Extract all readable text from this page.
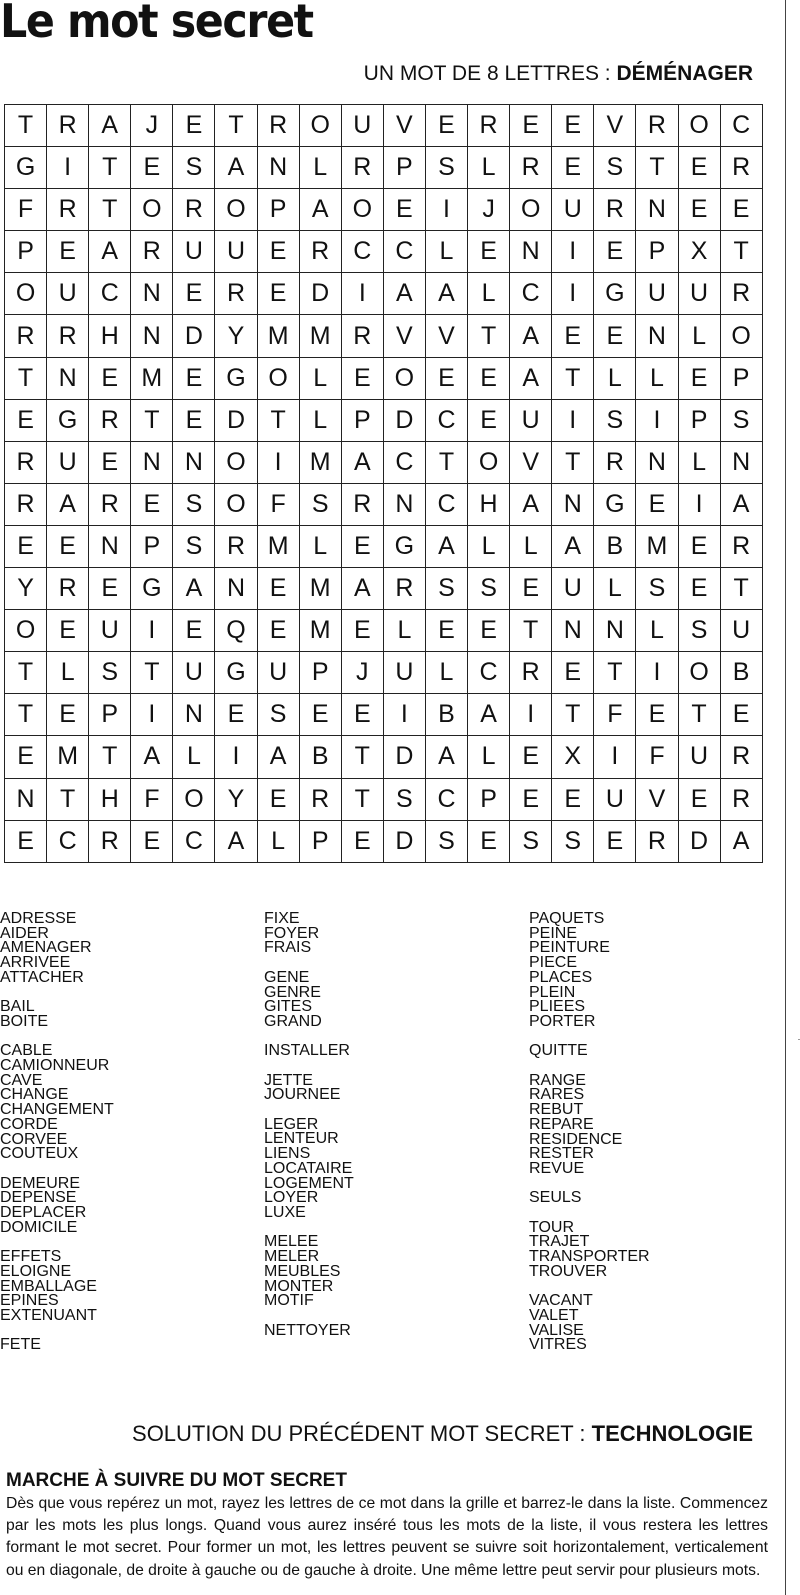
Le mot secret
UN MOT DE 8 LETTRES : DÉMÉNAGER
T	R A	J	E	T	R O U V	E R E	E	V R O C
G	I	T	E	S	A N	L	R P	S	L	R E	S	T	E R
F	R	T O R O P	A O E	I	J	O U R N E	E
P	E	A R U U E R C C	L	E N	I	E	P	X	T
O U C N E R E D	I	A	A	L	C	I	G U U R
R R H N D Y M M R V	V	T	A	E	E N	L	O
T	N E M E G O	L	E O E	E	A	T	L	L	E	P
E G R	T	E D	T	L	P D C E U	I	S	I	P	S
R U E N N O	I	M A C	T O V	T	R N	L	N
R A R E	S O F	S R N C H A N G E	I	A
E	E N P	S R M L	E G A	L	L	A	B M E R
Y R E G A N E M A R S	S	E U	L	S	E	T
O E U	I	E Q E M E	L	E	E	T	N N	L	S U
T	L	S	T	U G U P	J	U	L	C R E	T	I	O B
T	E	P	I	N E	S	E	E	I	B	A	I	T	F	E	T	E
E M T	A	L	I	A	B	T	D A	L	E	X	I	F	U R
N	T	H	F O Y	E R	T	S C P	E	E U V	E R
E C R E C A	L	P	E D S	E	S	S	E R D A
ADRESSE
AIDER
AMENAGER
ARRIVEE
ATTACHER
BAIL
BOITE
CABLE
CAMIONNEUR
CAVE
CHANGE
CHANGEMENT
CORDE
CORVEE
COUTEUX
DEMEURE
DEPENSE
DEPLACER
DOMICILE
EFFETS
ELOIGNE
EMBALLAGE
EPINES
EXTENUANT
FETE
FIXE
FOYER
FRAIS
GENE
GENRE
GITES
GRAND
INSTALLER
JETTE
JOURNEE
LEGER
LENTEUR
LIENS
LOCATAIRE
LOGEMENT
LOYER
LUXE
MELEE
MELER
MEUBLES
MONTER
MOTIF
NETTOYER
PAQUETS
PEINE
PEINTURE
PIECE
PLACES
PLEIN
PLIEES
PORTER
QUITTE
RANGE
RARES
REBUT
REPARE
RESIDENCE
RESTER
REVUE
SEULS
TOUR
TRAJET
TRANSPORTER
TROUVER
VACANT
VALET
VALISE
VITRES
SOLUTION DU PRÉCÉDENT MOT SECRET : TECHNOLOGIE
MARCHE À SUIVRE DU MOT SECRET
Dès que vous repérez un mot, rayez les lettres de ce mot dans la grille et barrez-le dans la liste. Commencez par les mots les plus longs. Quand vous aurez inséré tous les mots de la liste, il vous restera les lettres formant le mot secret. Pour former un mot, les lettres peuvent se suivre soit horizontalement, verticalement ou en diagonale, de droite à gauche ou de gauche à droite. Une même lettre peut servir pour plusieurs mots.
